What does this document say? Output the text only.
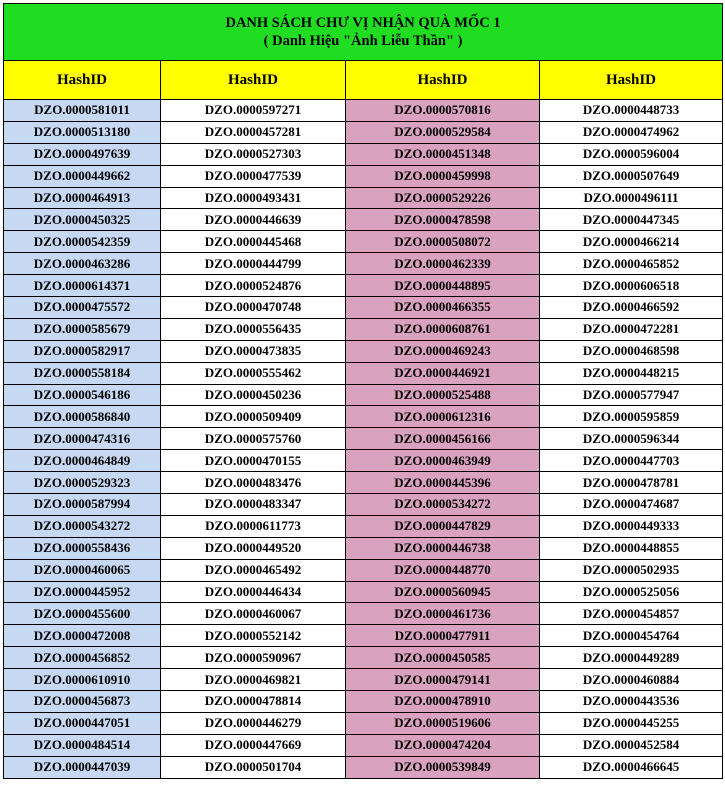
DANH SÁCH CHƯ VỊ NHẬN QUÀ MỐC 1
( Danh Hiệu "Ảnh Liễu Thần" )			

HashID	HashID	HashID	HashID
DZO.0000581011	DZO.0000597271	DZO.0000570816	DZO.0000448733
DZO.0000513180	DZO.0000457281	DZO.0000529584	DZO.0000474962
DZO.0000497639	DZO.0000527303	DZO.0000451348	DZO.0000596004
DZO.0000449662	DZO.0000477539	DZO.0000459998	DZO.0000507649
DZO.0000464913	DZO.0000493431	DZO.0000529226	DZO.0000496111
DZO.0000450325	DZO.0000446639	DZO.0000478598	DZO.0000447345
DZO.0000542359	DZO.0000445468	DZO.0000508072	DZO.0000466214
DZO.0000463286	DZO.0000444799	DZO.0000462339	DZO.0000465852
DZO.0000614371	DZO.0000524876	DZO.0000448895	DZO.0000606518
DZO.0000475572	DZO.0000470748	DZO.0000466355	DZO.0000466592
DZO.0000585679	DZO.0000556435	DZO.0000608761	DZO.0000472281
DZO.0000582917	DZO.0000473835	DZO.0000469243	DZO.0000468598
DZO.0000558184	DZO.0000555462	DZO.0000446921	DZO.0000448215
DZO.0000546186	DZO.0000450236	DZO.0000525488	DZO.0000577947
DZO.0000586840	DZO.0000509409	DZO.0000612316	DZO.0000595859
DZO.0000474316	DZO.0000575760	DZO.0000456166	DZO.0000596344
DZO.0000464849	DZO.0000470155	DZO.0000463949	DZO.0000447703
DZO.0000529323	DZO.0000483476	DZO.0000445396	DZO.0000478781
DZO.0000587994	DZO.0000483347	DZO.0000534272	DZO.0000474687
DZO.0000543272	DZO.0000611773	DZO.0000447829	DZO.0000449333
DZO.0000558436	DZO.0000449520	DZO.0000446738	DZO.0000448855
DZO.0000460065	DZO.0000465492	DZO.0000448770	DZO.0000502935
DZO.0000445952	DZO.0000446434	DZO.0000560945	DZO.0000525056
DZO.0000455600	DZO.0000460067	DZO.0000461736	DZO.0000454857
DZO.0000472008	DZO.0000552142	DZO.0000477911	DZO.0000454764
DZO.0000456852	DZO.0000590967	DZO.0000450585	DZO.0000449289
DZO.0000610910	DZO.0000469821	DZO.0000479141	DZO.0000460884
DZO.0000456873	DZO.0000478814	DZO.0000478910	DZO.0000443536
DZO.0000447051	DZO.0000446279	DZO.0000519606	DZO.0000445255
DZO.0000484514	DZO.0000447669	DZO.0000474204	DZO.0000452584
DZO.0000447039	DZO.0000501704	DZO.0000539849	DZO.0000466645
